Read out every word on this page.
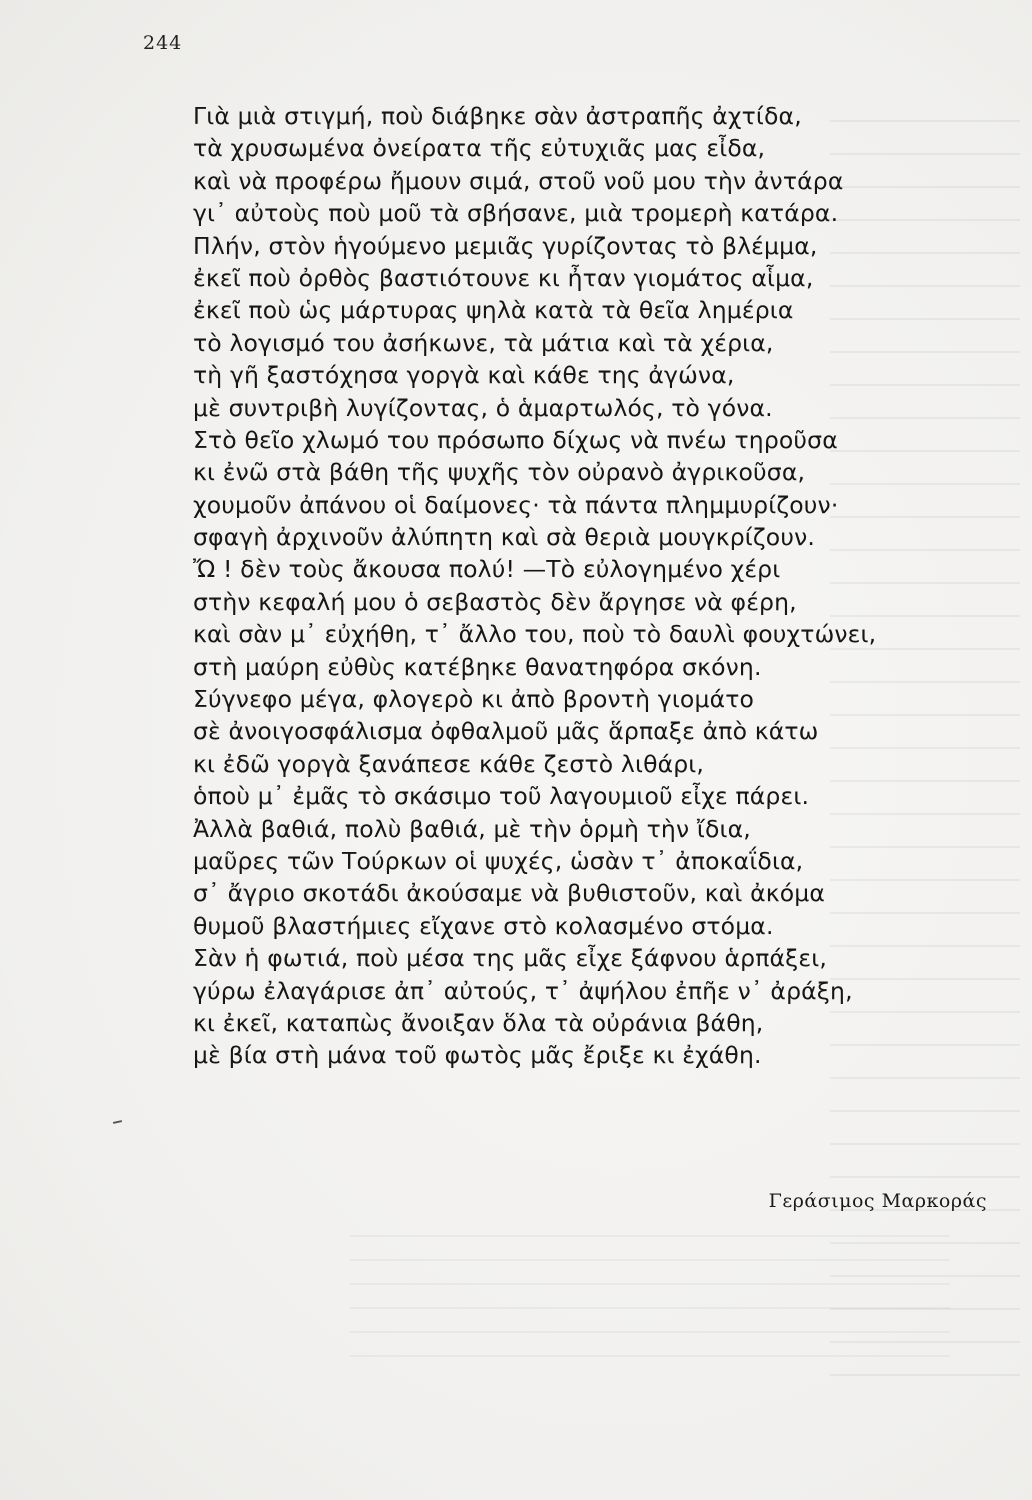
244
Γιὰ μιὰ στιγμή, ποὺ διάβηκε σὰν ἀστραπῆς ἀχτίδα,
τὰ χρυσωμένα ὀνείρατα τῆς εὐτυχιᾶς μας εἶδα,
καὶ νὰ προφέρω ἤμουν σιμά, στοῦ νοῦ μου τὴν ἀντάρα
γι᾽ αὐτοὺς ποὺ μοῦ τὰ σβήσανε, μιὰ τρομερὴ κατάρα.
Πλήν, στὸν ἡγούμενο μεμιᾶς γυρίζοντας τὸ βλέμμα,
ἐκεῖ ποὺ ὀρθὸς βαστιότουνε κι ἦταν γιομάτος αἷμα,
ἐκεῖ ποὺ ὡς μάρτυρας ψηλὰ κατὰ τὰ θεῖα λημέρια
τὸ λογισμό του ἀσήκωνε, τὰ μάτια καὶ τὰ χέρια,
τὴ γῆ ξαστόχησα γοργὰ καὶ κάθε της ἀγώνα,
μὲ συντριβὴ λυγίζοντας, ὁ ἁμαρτωλός, τὸ γόνα.
Στὸ θεῖο χλωμό του πρόσωπο δίχως νὰ πνέω τηροῦσα
κι ἐνῶ στὰ βάθη τῆς ψυχῆς τὸν οὐρανὸ ἀγρικοῦσα,
χουμοῦν ἀπάνου οἱ δαίμονες· τὰ πάντα πλημμυρίζουν·
σφαγὴ ἀρχινοῦν ἀλύπητη καὶ σὰ θεριὰ μουγκρίζουν.
Ὤ ! δὲν τοὺς ἄκουσα πολύ! —Τὸ εὐλογημένο χέρι
στὴν κεφαλή μου ὁ σεβαστὸς δὲν ἄργησε νὰ φέρη,
καὶ σὰν μ᾽ εὐχήθη, τ᾽ ἄλλο του, ποὺ τὸ δαυλὶ φουχτώνει,
στὴ μαύρη εὐθὺς κατέβηκε θανατηφόρα σκόνη.
Σύγνεφο μέγα, φλογερὸ κι ἀπὸ βροντὴ γιομάτο
σὲ ἀνοιγοσφάλισμα ὀφθαλμοῦ μᾶς ἅρπαξε ἀπὸ κάτω
κι ἐδῶ γοργὰ ξανάπεσε κάθε ζεστὸ λιθάρι,
ὁποὺ μ᾽ ἐμᾶς τὸ σκάσιμο τοῦ λαγουμιοῦ εἶχε πάρει.
Ἀλλὰ βαθιά, πολὺ βαθιά, μὲ τὴν ὁρμὴ τὴν ἴδια,
μαῦρες τῶν Τούρκων οἱ ψυχές, ὡσὰν τ᾽ ἀποκαΐδια,
σ᾽ ἄγριο σκοτάδι ἀκούσαμε νὰ βυθιστοῦν, καὶ ἀκόμα
θυμοῦ βλαστήμιες εἴχανε στὸ κολασμένο στόμα.
Σὰν ἡ φωτιά, ποὺ μέσα της μᾶς εἶχε ξάφνου ἁρπάξει,
γύρω ἐλαγάρισε ἀπ᾽ αὐτούς, τ᾽ ἀψήλου ἐπῆε ν᾽ ἀράξη,
κι ἐκεῖ, καταπὼς ἄνοιξαν ὅλα τὰ οὐράνια βάθη,
μὲ βία στὴ μάνα τοῦ φωτὸς μᾶς ἔριξε κι ἐχάθη.
Γεράσιμος Μαρκοράς
